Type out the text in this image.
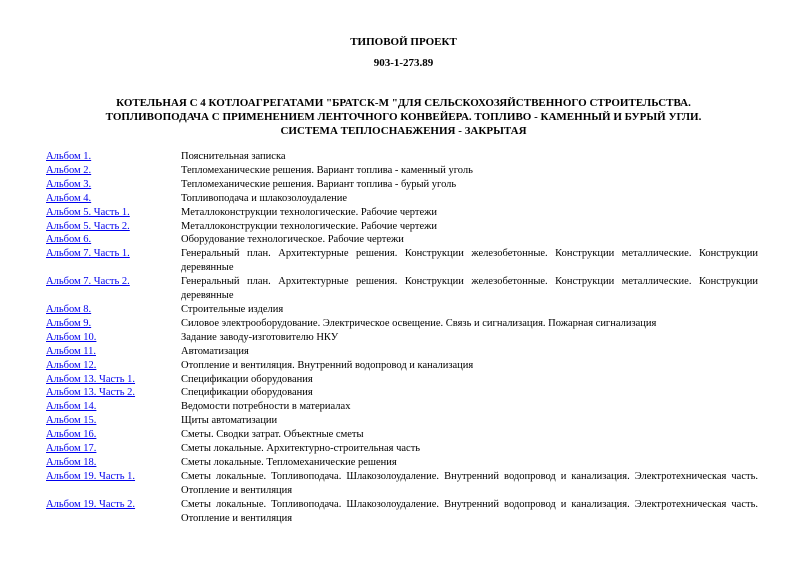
ТИПОВОЙ ПРОЕКТ
903-1-273.89
КОТЕЛЬНАЯ С 4 КОТЛОАГРЕГАТАМИ "БРАТСК-М "ДЛЯ СЕЛЬСКОХОЗЯЙСТВЕННОГО СТРОИТЕЛЬСТВА.
ТОПЛИВОПОДАЧА С ПРИМЕНЕНИЕМ ЛЕНТОЧНОГО КОНВЕЙЕРА. ТОПЛИВО - КАМЕННЫЙ И БУРЫЙ УГЛИ.
СИСТЕМА ТЕПЛОСНАБЖЕНИЯ - ЗАКРЫТАЯ
Альбом 1.	Пояснительная записка
Альбом 2.	Тепломеханические решения. Вариант топлива - каменный уголь
Альбом 3.	Тепломеханические решения. Вариант топлива - бурый уголь
Альбом 4.	Топливоподача и шлакозолоудаление
Альбом 5. Часть 1.	Металлоконструкции технологические. Рабочие чертежи
Альбом 5. Часть 2.	Металлоконструкции технологические. Рабочие чертежи
Альбом 6.	Оборудование технологическое. Рабочие чертежи
Альбом 7. Часть 1.	Генеральный план. Архитектурные решения. Конструкции железобетонные. Конструкции металлические. Конструкции деревянные
Альбом 7. Часть 2.	Генеральный план. Архитектурные решения. Конструкции железобетонные. Конструкции металлические. Конструкции деревянные
Альбом 8.	Строительные изделия
Альбом 9.	Силовое электрооборудование. Электрическое освещение. Связь и сигнализация. Пожарная сигнализация
Альбом 10.	Задание заводу-изготовителю НКУ
Альбом 11.	Автоматизация
Альбом 12.	Отопление и вентиляция. Внутренний водопровод и канализация
Альбом 13. Часть 1.	Спецификации оборудования
Альбом 13. Часть 2.	Спецификации оборудования
Альбом 14.	Ведомости потребности в материалах
Альбом 15.	Щиты автоматизации
Альбом 16.	Сметы. Сводки затрат. Объектные сметы
Альбом 17.	Сметы локальные. Архитектурно-строительная часть
Альбом 18.	Сметы локальные. Тепломеханические решения
Альбом 19. Часть 1.	Сметы локальные. Топливоподача. Шлакозолоудаление. Внутренний водопровод и канализация. Электротехническая часть. Отопление и вентиляция
Альбом 19. Часть 2.	Сметы локальные. Топливоподача. Шлакозолоудаление. Внутренний водопровод и канализация. Электротехническая часть. Отопление и вентиляция
